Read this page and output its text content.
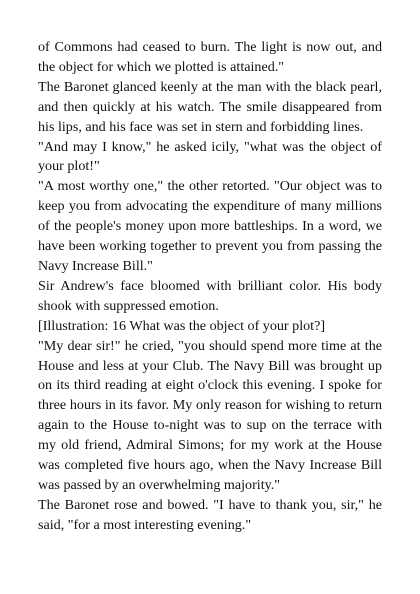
of Commons had ceased to burn. The light is now out, and the object for which we plotted is attained."

The Baronet glanced keenly at the man with the black pearl, and then quickly at his watch. The smile disappeared from his lips, and his face was set in stern and forbidding lines.

"And may I know," he asked icily, "what was the object of your plot!"

"A most worthy one," the other retorted. "Our object was to keep you from advocating the expenditure of many millions of the people's money upon more battleships. In a word, we have been working together to prevent you from passing the Navy Increase Bill."

Sir Andrew's face bloomed with brilliant color. His body shook with suppressed emotion.

[Illustration: 16 What was the object of your plot?]

"My dear sir!" he cried, "you should spend more time at the House and less at your Club. The Navy Bill was brought up on its third reading at eight o'clock this evening. I spoke for three hours in its favor. My only reason for wishing to return again to the House to-night was to sup on the terrace with my old friend, Admiral Simons; for my work at the House was completed five hours ago, when the Navy Increase Bill was passed by an overwhelming majority."

The Baronet rose and bowed. "I have to thank you, sir," he said, "for a most interesting evening."
